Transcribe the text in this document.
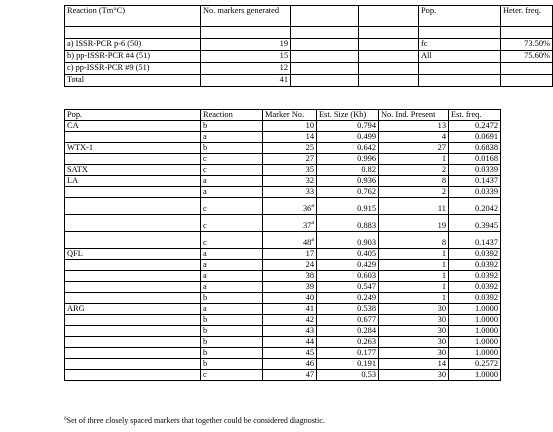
Reaction (Tm°C)	No. markers generated			Pop.	Heter. freq.

a) ISSR-PCR p-6 (50)	19			fc	73.50%
b) pp-ISSR-PCR #4 (51)	15			All	75.60%
c) pp-ISSR-PCR #9 (51)	12				
Total	41				
Pop.	Reaction	Marker No.	Est. Size (Kb)	No. Ind. Present	Est. freq.
CA	b	10	0.794	13	0.2472
	a	14	0.499	4	0.0691
WTX-1	b	25	0.642	27	0.6838
	c	27	0.996	1	0.0168
SATX	c	35	0.82	2	0.0339
LA	a	32	0.936	8	0.1437
	a	33	0.762	2	0.0339
	c	36$^a$	0.915	11	0.2042
	c	37$^a$	0.883	19	0.3945
	c	48$^a$	0.903	8	0.1437
QFL	a	17	0.405	1	0.0392
	a	24	0.429	1	0.0392
	a	38	0.603	1	0.0392
	a	39	0.547	1	0.0392
	b	40	0.249	1	0.0392
ARG	a	41	0.538	30	1.0000
	b	42	0.677	30	1.0000
	b	43	0.284	30	1.0000
	b	44	0.263	30	1.0000
	b	45	0.177	30	1.0000
	b	46	0.191	14	0.2572
	c	47	0.53	30	1.0000
$^a$Set of three closely spaced markers that together could be considered diagnostic.
